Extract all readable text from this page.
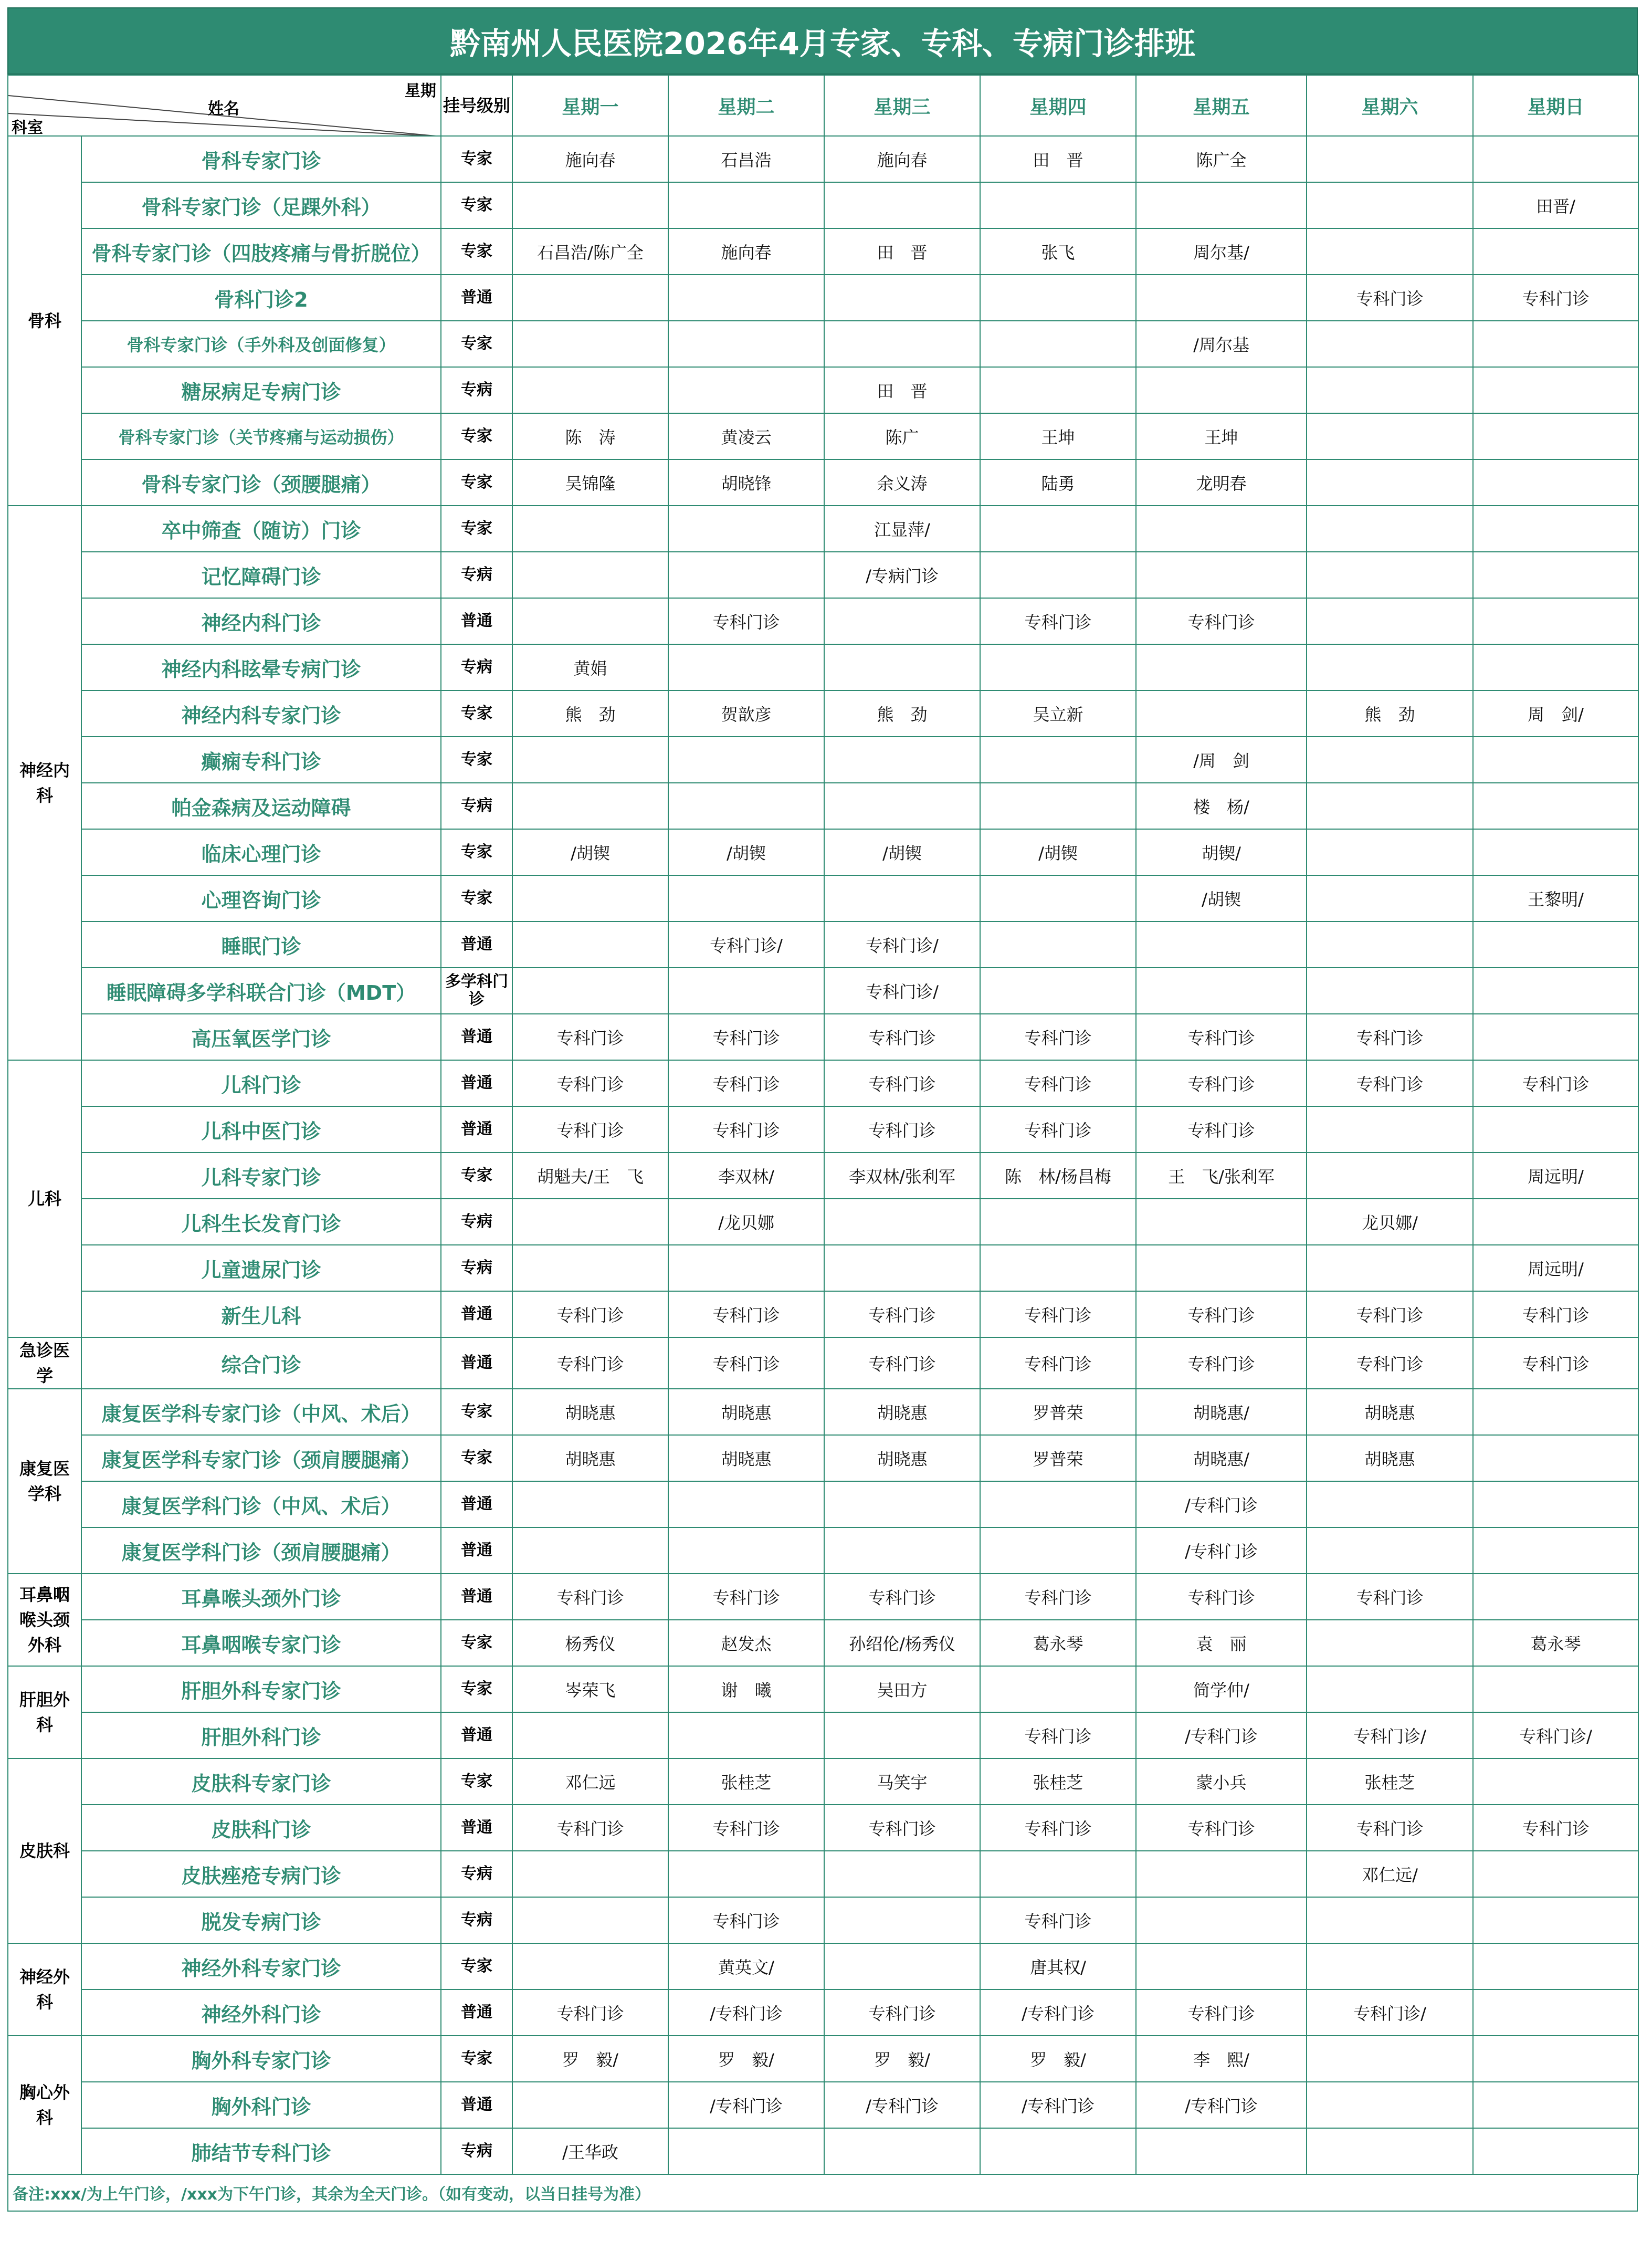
黔南州人民医院2026年4月专家、专科、专病门诊排班
星期
姓名
科室		挂号级别	星期一	星期二	星期三	星期四	星期五	星期六	星期日
骨科	骨科专家门诊	专家	施向春	石昌浩	施向春	田　晋	陈广全		
	骨科专家门诊（足踝外科）	专家							田晋/
	骨科专家门诊（四肢疼痛与骨折脱位）	专家	石昌浩/陈广全	施向春	田　晋	张飞	周尔基/		
	骨科门诊2	普通						专科门诊	专科门诊
	骨科专家门诊（手外科及创面修复）	专家					/周尔基		
	糖尿病足专病门诊	专病			田　晋				
	骨科专家门诊（关节疼痛与运动损伤）	专家	陈　涛	黄凌云	陈广	王坤	王坤		
	骨科专家门诊（颈腰腿痛）	专家	吴锦隆	胡晓锋	余义涛	陆勇	龙明春		
神经内科	卒中筛查（随访）门诊	专家			江显萍/				
	记忆障碍门诊	专病			/专病门诊				
	神经内科门诊	普通		专科门诊		专科门诊	专科门诊		
	神经内科眩晕专病门诊	专病	黄娟						
	神经内科专家门诊	专家	熊　劲	贺歆彦	熊　劲	吴立新		熊　劲	周　剑/
	癫痫专科门诊	专家					/周　剑		
	帕金森病及运动障碍	专病					楼　杨/		
	临床心理门诊	专家	/胡锲	/胡锲	/胡锲	/胡锲	胡锲/		
	心理咨询门诊	专家					/胡锲		王黎明/
	睡眠门诊	普通		专科门诊/	专科门诊/				
	睡眠障碍多学科联合门诊（MDT）	多学科门诊			专科门诊/				
	高压氧医学门诊	普通	专科门诊	专科门诊	专科门诊	专科门诊	专科门诊	专科门诊	
儿科	儿科门诊	普通	专科门诊	专科门诊	专科门诊	专科门诊	专科门诊	专科门诊	专科门诊
	儿科中医门诊	普通	专科门诊	专科门诊	专科门诊	专科门诊	专科门诊		
	儿科专家门诊	专家	胡魁夫/王　飞	李双林/	李双林/张利军	陈　林/杨昌梅	王　飞/张利军		周远明/
	儿科生长发育门诊	专病		/龙贝娜				龙贝娜/	
	儿童遗尿门诊	专病							周远明/
	新生儿科	普通	专科门诊	专科门诊	专科门诊	专科门诊	专科门诊	专科门诊	专科门诊
急诊医学	综合门诊	普通	专科门诊	专科门诊	专科门诊	专科门诊	专科门诊	专科门诊	专科门诊
康复医学科	康复医学科专家门诊（中风、术后）	专家	胡晓惠	胡晓惠	胡晓惠	罗普荣	胡晓惠/	胡晓惠	
	康复医学科专家门诊（颈肩腰腿痛）	专家	胡晓惠	胡晓惠	胡晓惠	罗普荣	胡晓惠/	胡晓惠	
	康复医学科门诊（中风、术后）	普通					/专科门诊		
	康复医学科门诊（颈肩腰腿痛）	普通					/专科门诊		
耳鼻咽喉头颈外科	耳鼻喉头颈外门诊	普通	专科门诊	专科门诊	专科门诊	专科门诊	专科门诊	专科门诊	
	耳鼻咽喉专家门诊	专家	杨秀仪	赵发杰	孙绍伦/杨秀仪	葛永琴	袁　丽		葛永琴
肝胆外科	肝胆外科专家门诊	专家	岑荣飞	谢　曦	吴田方		简学仲/		
	肝胆外科门诊	普通				专科门诊	/专科门诊	专科门诊/	专科门诊/
皮肤科	皮肤科专家门诊	专家	邓仁远	张桂芝	马笑宇	张桂芝	蒙小兵	张桂芝	
	皮肤科门诊	普通	专科门诊	专科门诊	专科门诊	专科门诊	专科门诊	专科门诊	专科门诊
	皮肤痤疮专病门诊	专病						邓仁远/	
	脱发专病门诊	专病		专科门诊		专科门诊			
神经外科	神经外科专家门诊	专家		黄英文/		唐其权/			
	神经外科门诊	普通	专科门诊	/专科门诊	专科门诊	/专科门诊	专科门诊	专科门诊/	
胸心外科	胸外科专家门诊	专家	罗　毅/	罗　毅/	罗　毅/	罗　毅/	李　熙/		
	胸外科门诊	普通		/专科门诊	/专科门诊	/专科门诊	/专科门诊		
	肺结节专科门诊	专病	/王华政						
备注:xxx/为上午门诊，/xxx为下午门诊，其余为全天门诊。（如有变动，以当日挂号为准）
